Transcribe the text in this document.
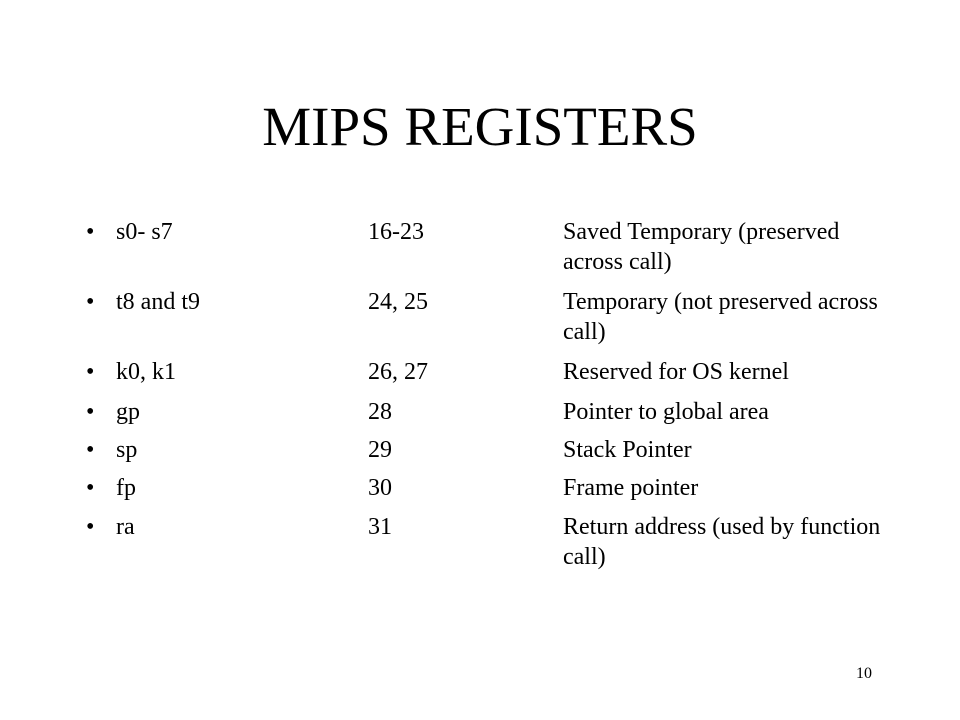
MIPS REGISTERS
• s0- s7	16-23	Saved Temporary (preserved across call)
• t8 and t9	24, 25	Temporary (not preserved across call)
• k0, k1	26, 27	Reserved for OS kernel
• gp	28	Pointer to global area
• sp	29	Stack Pointer
• fp	30	Frame pointer
• ra	31	Return address (used by function call)
10
